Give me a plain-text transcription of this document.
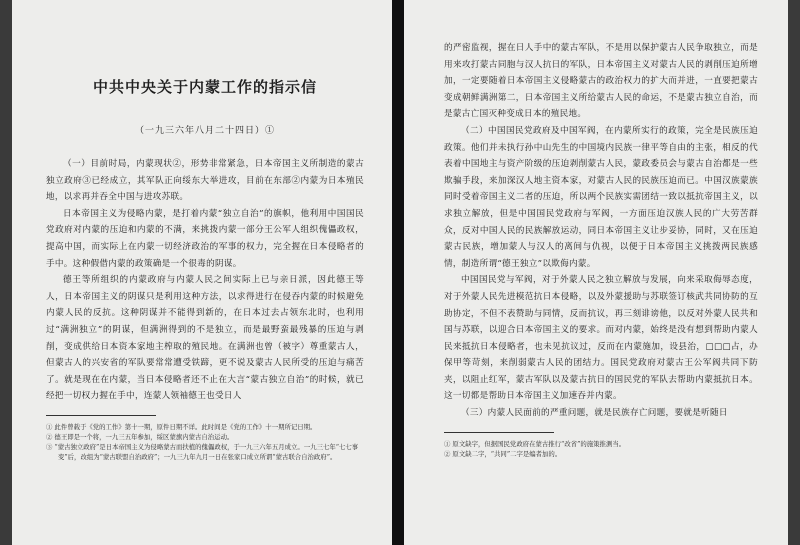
中共中央关于内蒙工作的指示信
（一九三六年八月二十四日）①

（一）目前时局，内蒙现状②，形势非常紧急，日本帝国主义所制造的蒙古独立政府③已经成立，其军队正向绥东大举进攻，目前在东部②内蒙为日本殖民地，以求再并吞全中国与进攻苏联。

日本帝国主义为侵略内蒙，是打着内蒙“独立自治”的旗帜，他利用中国国民党政府对内蒙的压迫和内蒙的不满，来挑拨内蒙一部分王公军人组织傀儡政权，提高中国，而实际上在内蒙一切经济政治的军事的权力，完全握在日本侵略者的手中。这种假借内蒙的政策确是一个很毒的阴谋。

德王等所组织的内蒙政府与内蒙人民之间实际上已与亲日派，因此德王等人，日本帝国主义的阴谋只是利用这种方法，以求得进行在侵吞内蒙的时候避免内蒙人民的反抗。这种阴谋并不能得到新的，在日本过去占领东北时，也利用过“满洲独立”的阴谋，但满洲得到的不是独立，而是最野蛮最残暴的压迫与剥削，变成供给日本资本家地主榨取的殖民地。在满洲也曾（被字）尊重蒙古人，但蒙古人的兴安省的军队要常常遭受铁蹄，更不说及蒙古人民所受的压迫与痛苦了。就是现在在内蒙，当日本侵略者还不止在大言“蒙古独立自治”的时候，就已经把一切权力握在手中，连蒙人领袖德王也受日人

① 此件曾载于《党的工作》第十一期，原件日期不详。此时间是《党的工作》十一期所记日期。

② 德王即是一个将，一九三五年参加，绥区蒙旗内蒙古自治运动。

③ “蒙古独立政府”是日本帝国主义为侵略蒙古而扶植的傀儡政权，于一九三六年五月成立。一九三七年“七七事变”后，改组为“蒙古联盟自治政府”；一九三九年九月一日在张家口成立所谓“蒙古联合自治政府”。

的严密监视，握在日人手中的蒙古军队，不是用以保护蒙古人民争取独立，而是用来攻打蒙古同胞与汉人抗日的军队，日本帝国主义对蒙古人民的剥削压迫所增加，一定要随着日本帝国主义侵略蒙古的政治权力的扩大而并进，一直要把蒙古变成朝鲜满洲第二，日本帝国主义所给蒙古人民的命运，不是蒙古独立自治，而是蒙古亡国灭种变成日本的殖民地。

（二）中国国民党政府及中国军阀，在内蒙所实行的政策，完全是民族压迫政策。他们并未执行孙中山先生的中国境内民族一律平等自由的主张，相反的代表着中国地主与资产阶级的压迫剥削蒙古人民，蒙政委员会与蒙古自治都是一些欺骗手段，来加深汉人地主资本家，对蒙古人民的民族压迫而已。中国汉族蒙族同时受着帝国主义二者的压迫，所以两个民族实需团结一致以抵抗帝国主义，以求独立解放，但是中国国民党政府与军阀，一方面压迫汉族人民的广大劳苦群众，反对中国人民的民族解放运动，同日本帝国主义让步妥协，同时，又在压迫蒙古民族，增加蒙人与汉人的离间与仇视，以便于日本帝国主义挑拨两民族感情，制造所谓“德王独立”以欺侮内蒙。

中国国民党与军阀，对于外蒙人民之独立解放与发展，向来采取侮辱态度，对于外蒙人民先进模范抗日本侵略，以及外蒙援助与苏联签订核武共同协防的互助协定，不但不表赞助与同情，反而抗议，再三刻诽谤他，以反对外蒙人民共和国与苏联，以迎合日本帝国主义的要求。而对内蒙，始终是没有想到帮助内蒙人民来抵抗日本侵略者，也未见抗议过，反而在内蒙施加，设县治，□□□占，办保甲等苛刻，来削弱蒙古人民的团结力。国民党政府对蒙古王公军阀共同下防夹，以阻止红军，蒙古军队以及蒙古抗日的国民党的军队去帮助内蒙抵抗日本。这一切都是帮助日本帝国主义加速吞并内蒙。

（三）内蒙人民面前的严重问题，就是民族存亡问题，要就是听随日

① 原文缺字，但据国民党政府在蒙古推行“改省”的施策推测当。

② 原文缺二字，“共同”二字是编者加的。
